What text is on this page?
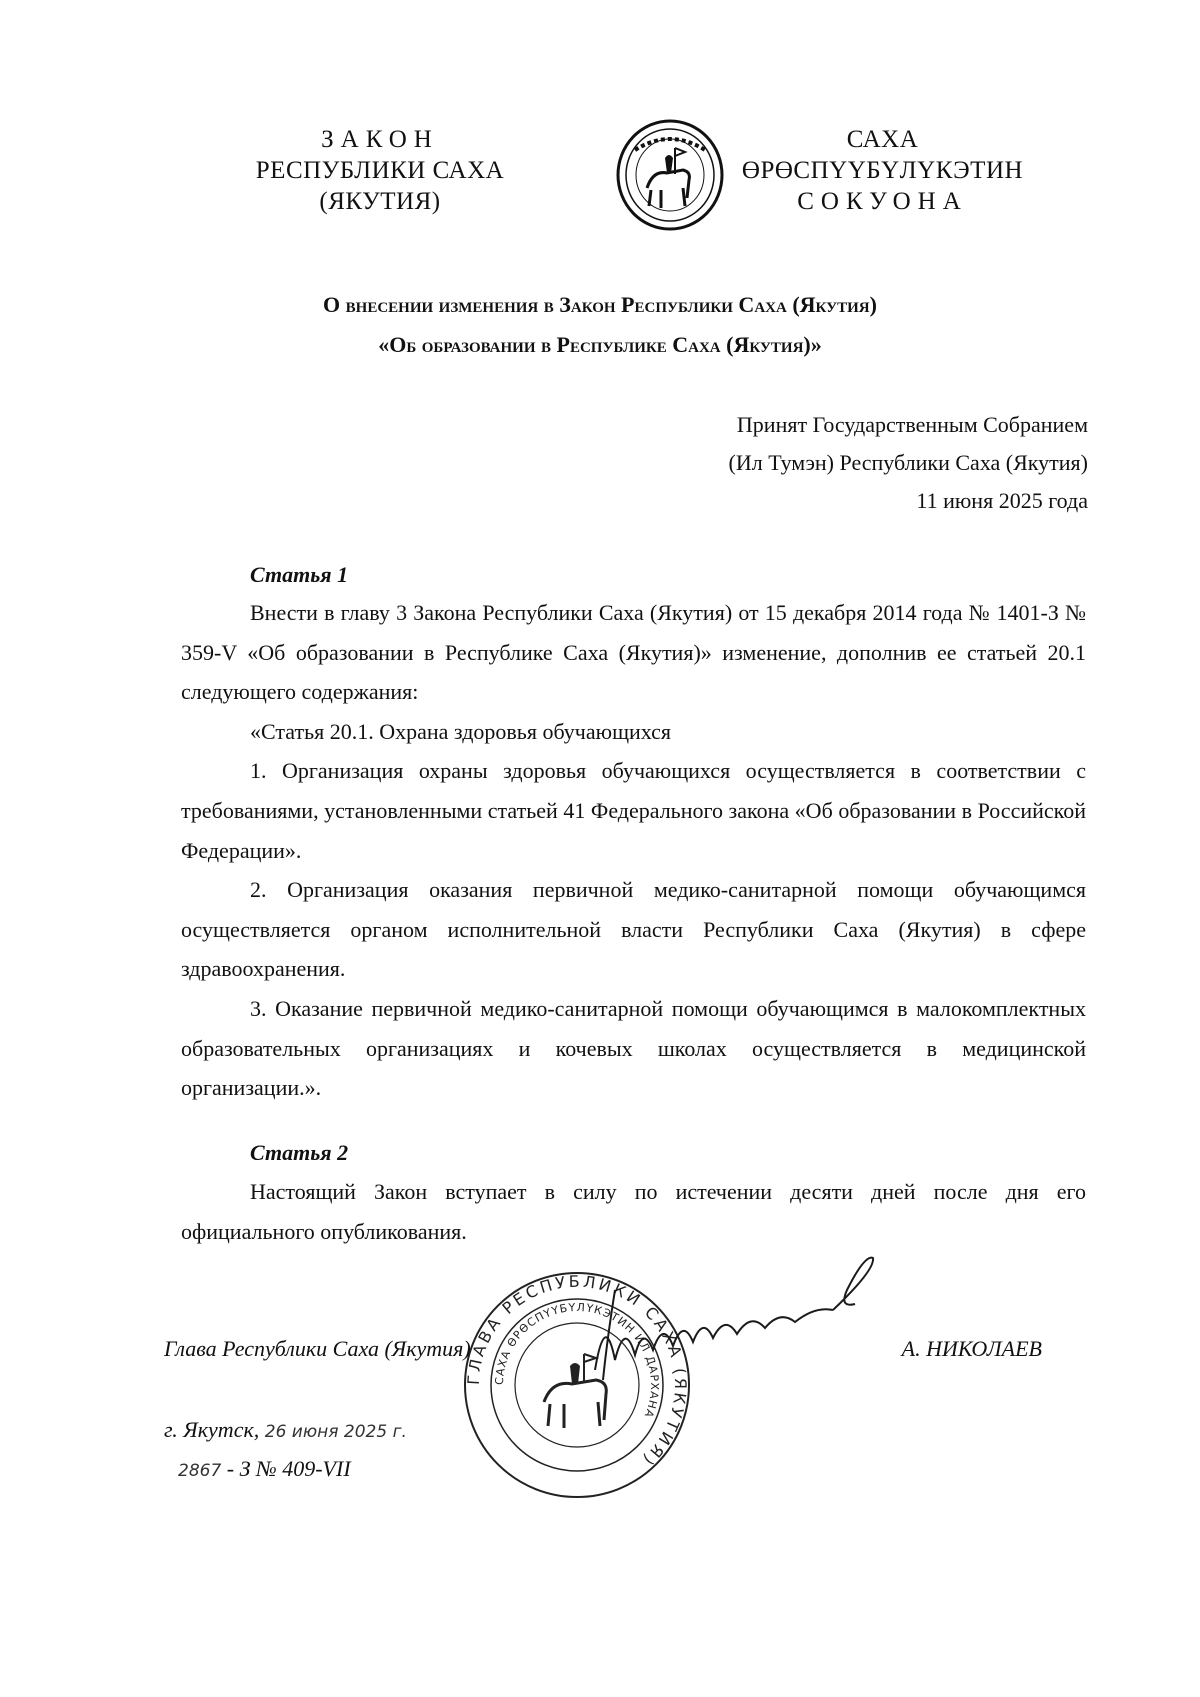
ЗАКОН
РЕСПУБЛИКИ САХА (ЯКУТИЯ)
САХА ӨРӨСПҮҮБҮЛҮКЭТИН
СОКУОНА
О внесении изменения в Закон Республики Саха (Якутия)
«Об образовании в Республике Саха (Якутия)»
Принят Государственным Собранием
(Ил Тумэн) Республики Саха (Якутия)
11 июня 2025 года
Статья 1

Внести в главу 3 Закона Республики Саха (Якутия) от 15 декабря 2014 года № 1401-З № 359-V «Об образовании в Республике Саха (Якутия)» изменение, дополнив ее статьей 20.1 следующего содержания:

«Статья 20.1. Охрана здоровья обучающихся

1. Организация охраны здоровья обучающихся осуществляется в соответствии с требованиями, установленными статьей 41 Федерального закона «Об образовании в Российской Федерации».

2. Организация оказания первичной медико-санитарной помощи обучающимся осуществляется органом исполнительной власти Республики Саха (Якутия) в сфере здравоохранения.

3. Оказание первичной медико-санитарной помощи обучающимся в малокомплектных образовательных организациях и кочевых школах осуществляется в медицинской организации.».

Статья 2

Настоящий Закон вступает в силу по истечении десяти дней после дня его официального опубликования.

ГЛАВА РЕСПУБЛИКИ САХА (ЯКУТИЯ)
САХА ӨРӨСПҮҮБҮЛҮКЭТИН ИЛ ДАРХАНА
Глава Республики Саха (Якутия)	А. НИКОЛАЕВ
г. Якутск, 26 июня 2025 г.
2867 - З № 409-VII
